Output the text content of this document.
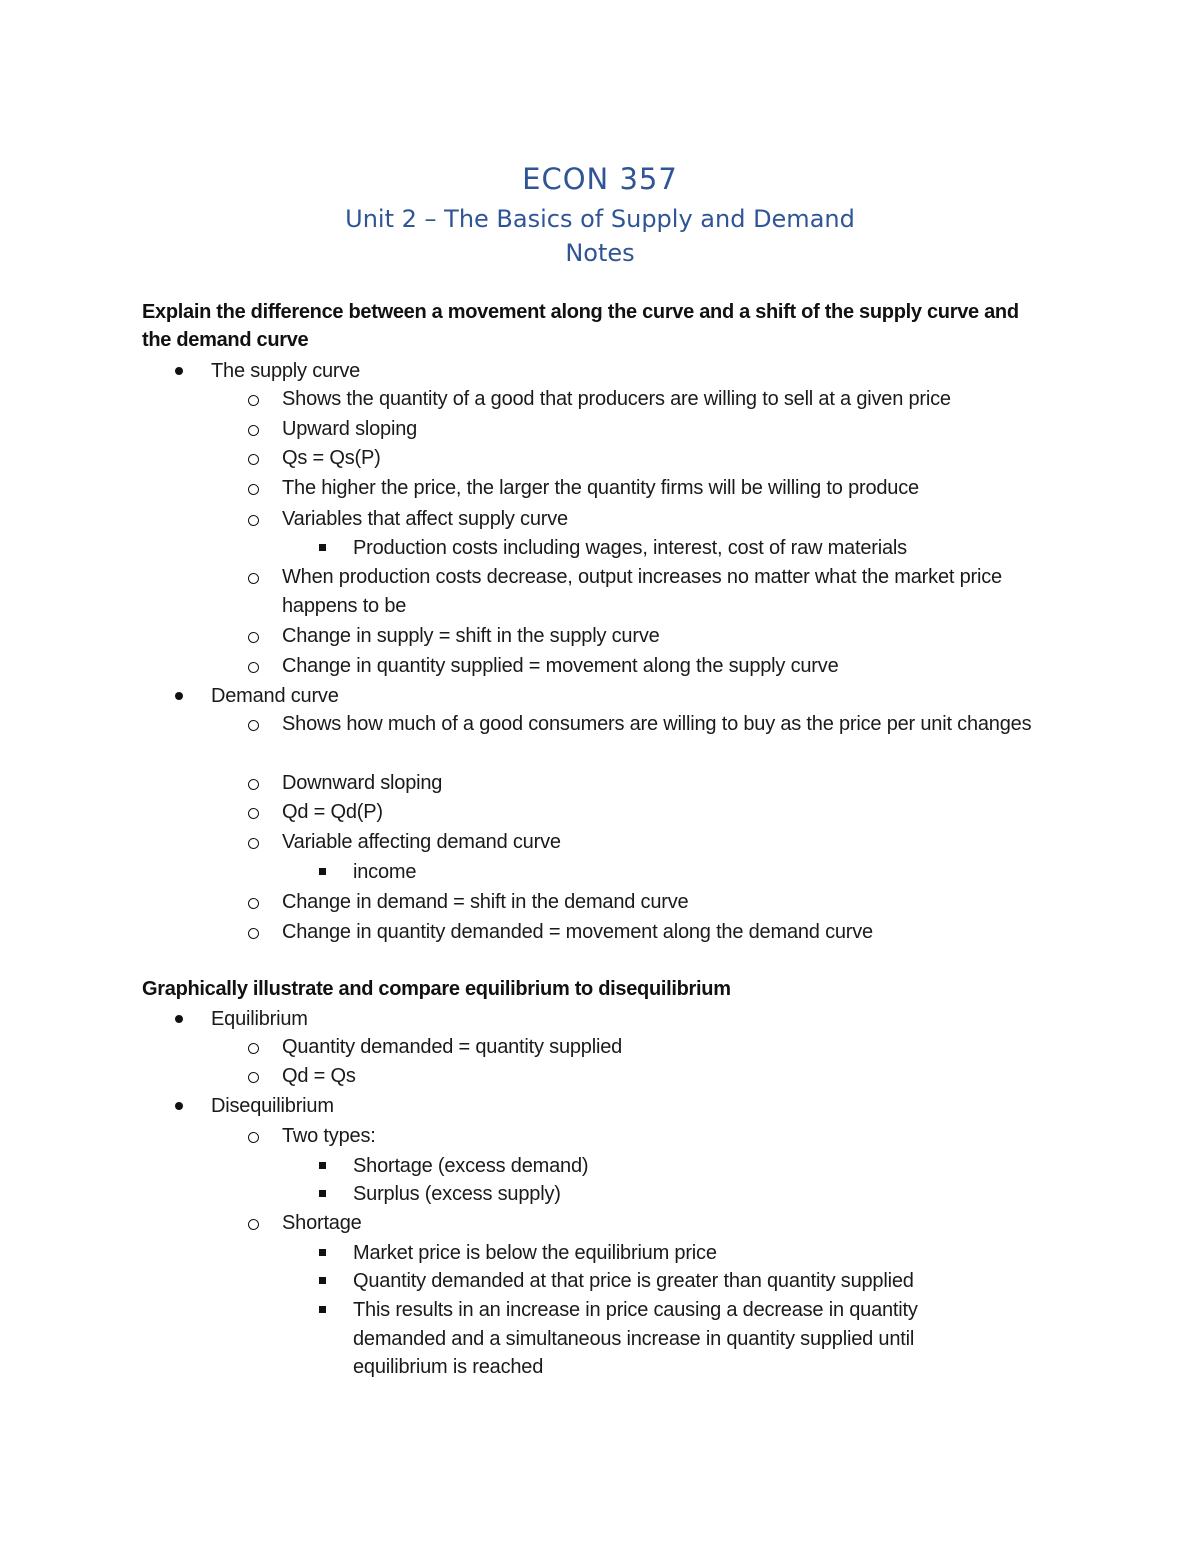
ECON 357
Unit 2 – The Basics of Supply and Demand
Notes
Explain the difference between a movement along the curve and a shift of the supply curve and the demand curve
The supply curve
Shows the quantity of a good that producers are willing to sell at a given price
Upward sloping
Qs = Qs(P)
The higher the price, the larger the quantity firms will be willing to produce
Variables that affect supply curve
Production costs including wages, interest, cost of raw materials
When production costs decrease, output increases no matter what the market price happens to be
Change in supply = shift in the supply curve
Change in quantity supplied = movement along the supply curve
Demand curve
Shows how much of a good consumers are willing to buy as the price per unit changes
Downward sloping
Qd = Qd(P)
Variable affecting demand curve
income
Change in demand = shift in the demand curve
Change in quantity demanded = movement along the demand curve
Graphically illustrate and compare equilibrium to disequilibrium
Equilibrium
Quantity demanded = quantity supplied
Qd = Qs
Disequilibrium
Two types:
Shortage (excess demand)
Surplus (excess supply)
Shortage
Market price is below the equilibrium price
Quantity demanded at that price is greater than quantity supplied
This results in an increase in price causing a decrease in quantity demanded and a simultaneous increase in quantity supplied until equilibrium is reached
